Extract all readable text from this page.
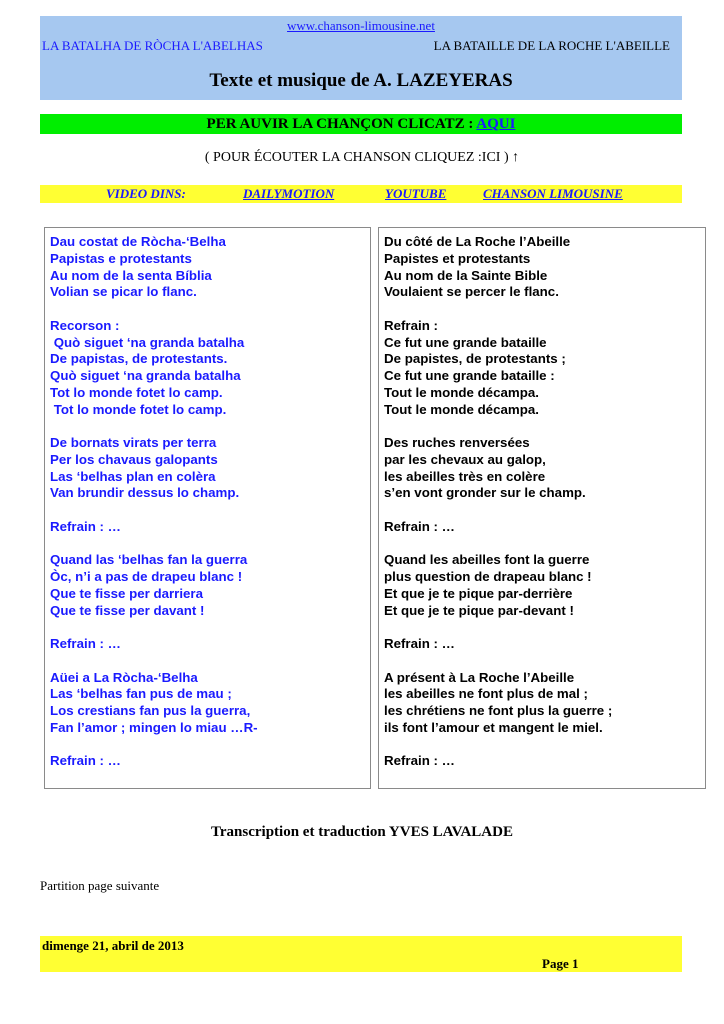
www.chanson-limousine.net
LA BATALHA DE RÒCHA L'ABELHAS	LA BATAILLE DE LA ROCHE L'ABEILLE
Texte et musique de A. LAZEYERAS
PER AUVIR LA CHANÇON CLICATZ : AQUI
( POUR ÉCOUTER LA CHANSON CLIQUEZ :ICI ) ↑
VIDEO DINS:	DAILYMOTION	YOUTUBE	CHANSON LIMOUSINE
Dau costat de Ròcha-‘Belha
Papistas e protestants
Au nom de la senta Bíblia
Volian se picar lo flanc.
Recorson :
Quò siguet ‘na granda batalha
De papistas, de protestants.
Quò siguet ‘na granda batalha
Tot lo monde fotet lo camp.
Tot lo monde fotet lo camp.
De bornats virats per terra
Per los chavaus galopants
Las ‘belhas plan en colèra
Van brundir dessus lo champ.
Refrain : …
Quand las ‘belhas fan la guerra
Òc, n’i a pas de drapeu blanc !
Que te fisse per darriera
Que te fisse per davant !
Refrain : …
Aüei a La Ròcha-‘Belha
Las ‘belhas fan pus de mau ;
Los crestians fan pus la guerra,
Fan l’amor ; mingen lo miau …R-
Refrain : …
Du côté de La Roche l’Abeille
Papistes et protestants
Au nom de la Sainte Bible
Voulaient se percer le flanc.
Refrain :
Ce fut une grande bataille
De papistes, de protestants ;
Ce fut une grande bataille :
Tout le monde décampa.
Tout le monde décampa.
Des ruches renversées
par les chevaux au galop,
les abeilles très en colère
s’en vont gronder sur le champ.
Refrain : …
Quand les abeilles font la guerre
plus question de drapeau blanc !
Et que je te pique par-derrière
Et que je te pique par-devant !
Refrain : …
A présent à La Roche l’Abeille
les abeilles ne font plus de mal ;
les chrétiens ne font plus la guerre ;
ils font l’amour et mangent le miel.
Refrain : …
Transcription et traduction YVES LAVALADE
Partition page suivante
dimenge 21, abril de 2013
Page 1
